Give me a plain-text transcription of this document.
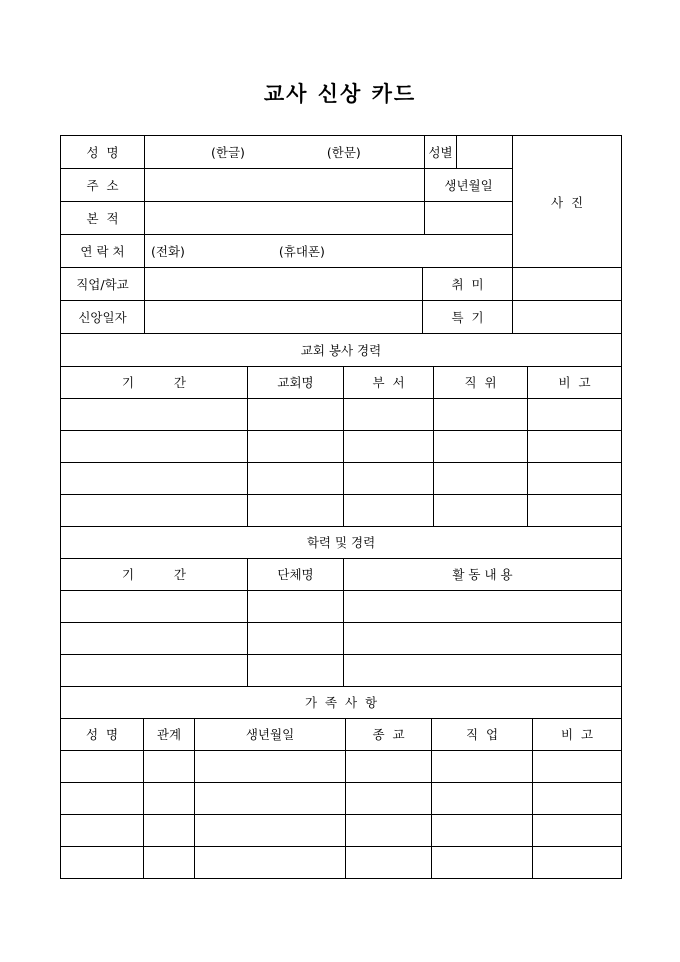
교사 신상 카드
성  명	(한글) (한문)		성별		사  진
주  소			생년월일		
본  적					
연 락 처	(전화) (휴대폰)				
직업/학교		취  미			
신앙일자		특  기			
교회 봉사 경력				
기          간	교회명	부  서	직  위	비  고

학력 및 경력		
기          간	단체명	활 동 내 용

가  족  사  항					
성  명	관계	생년월일	종  교	직  업	비  고
